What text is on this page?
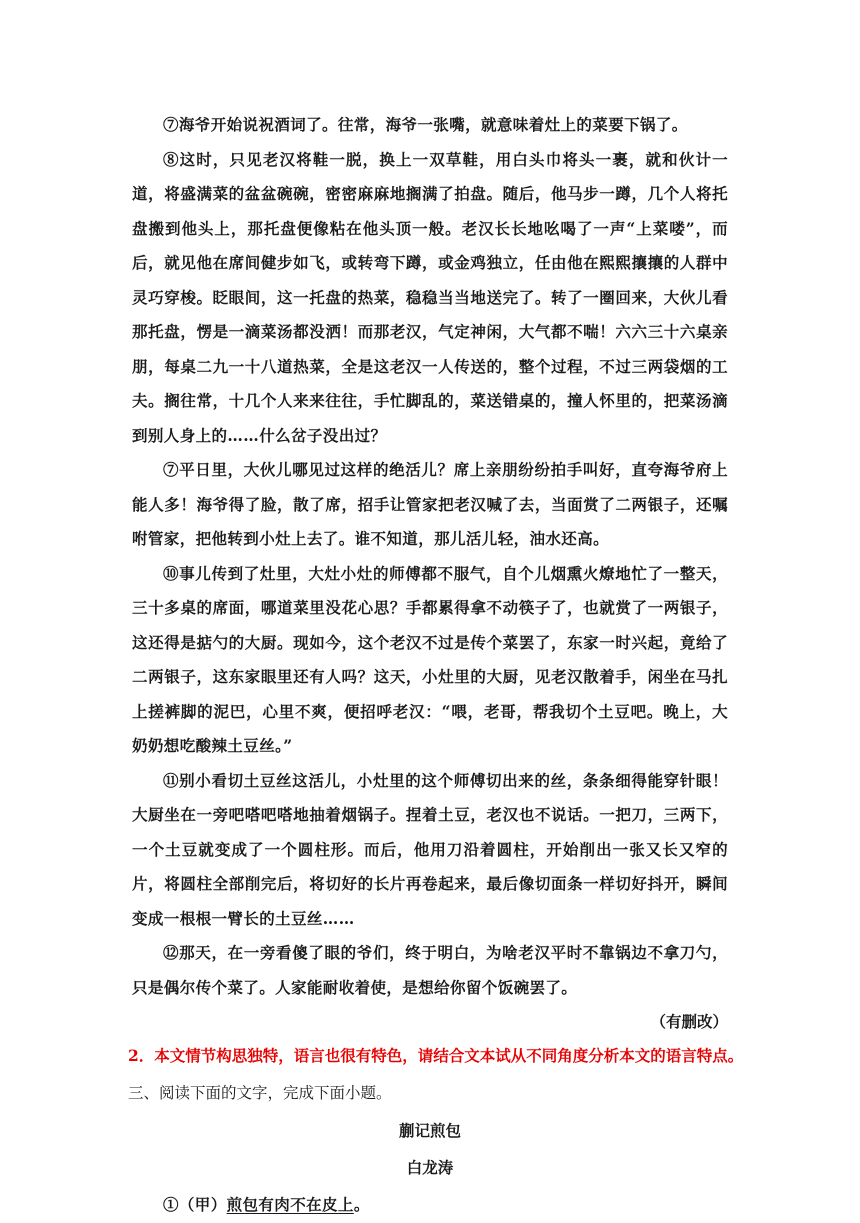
⑦海爷开始说祝酒词了。往常，海爷一张嘴，就意味着灶上的菜要下锅了。

⑧这时，只见老汉将鞋一脱，换上一双草鞋，用白头巾将头一裹，就和伙计一道，将盛满菜的盆盆碗碗，密密麻麻地搁满了拍盘。随后，他马步一蹲，几个人将托盘搬到他头上，那托盘便像粘在他头顶一般。老汉长长地吆喝了一声“上菜喽”，而后，就见他在席间健步如飞，或转弯下蹲，或金鸡独立，任由他在熙熙攘攘的人群中灵巧穿梭。眨眼间，这一托盘的热菜，稳稳当当地送完了。转了一圈回来，大伙儿看那托盘，愣是一滴菜汤都没洒！而那老汉，气定神闲，大气都不喘！六六三十六桌亲朋，每桌二九一十八道热菜，全是这老汉一人传送的，整个过程，不过三两袋烟的工夫。搁往常，十几个人来来往往，手忙脚乱的，菜送错桌的，撞人怀里的，把菜汤滴到别人身上的……什么岔子没出过？

⑦平日里，大伙儿哪见过这样的绝活儿？席上亲朋纷纷拍手叫好，直夸海爷府上能人多！海爷得了脸，散了席，招手让管家把老汉喊了去，当面赏了二两银子，还嘱咐管家，把他转到小灶上去了。谁不知道，那儿活儿轻，油水还高。

⑩事儿传到了灶里，大灶小灶的师傅都不服气，自个儿烟熏火燎地忙了一整天，三十多桌的席面，哪道菜里没花心思？手都累得拿不动筷子了，也就赏了一两银子，这还得是掂勺的大厨。现如今，这个老汉不过是传个菜罢了，东家一时兴起，竟给了二两银子，这东家眼里还有人吗？这天，小灶里的大厨，见老汉散着手，闲坐在马扎上搓裤脚的泥巴，心里不爽，便招呼老汉：“喂，老哥，帮我切个土豆吧。晚上，大奶奶想吃酸辣土豆丝。”

⑪别小看切土豆丝这活儿，小灶里的这个师傅切出来的丝，条条细得能穿针眼！大厨坐在一旁吧嗒吧嗒地抽着烟锅子。捏着土豆，老汉也不说话。一把刀，三两下，一个土豆就变成了一个圆柱形。而后，他用刀沿着圆柱，开始削出一张又长又窄的片，将圆柱全部削完后，将切好的长片再卷起来，最后像切面条一样切好抖开，瞬间变成一根根一臂长的土豆丝……

⑫那天，在一旁看傻了眼的爷们，终于明白，为啥老汉平时不靠锅边不拿刀勺，只是偶尔传个菜了。人家能耐收着使，是想给你留个饭碗罢了。

（有删改）

2．本文情节构思独特，语言也很有特色，请结合文本试从不同角度分析本文的语言特点。

三、阅读下面的文字，完成下面小题。

蒯记煎包

白龙涛

①（甲）煎包有肉不在皮上。
